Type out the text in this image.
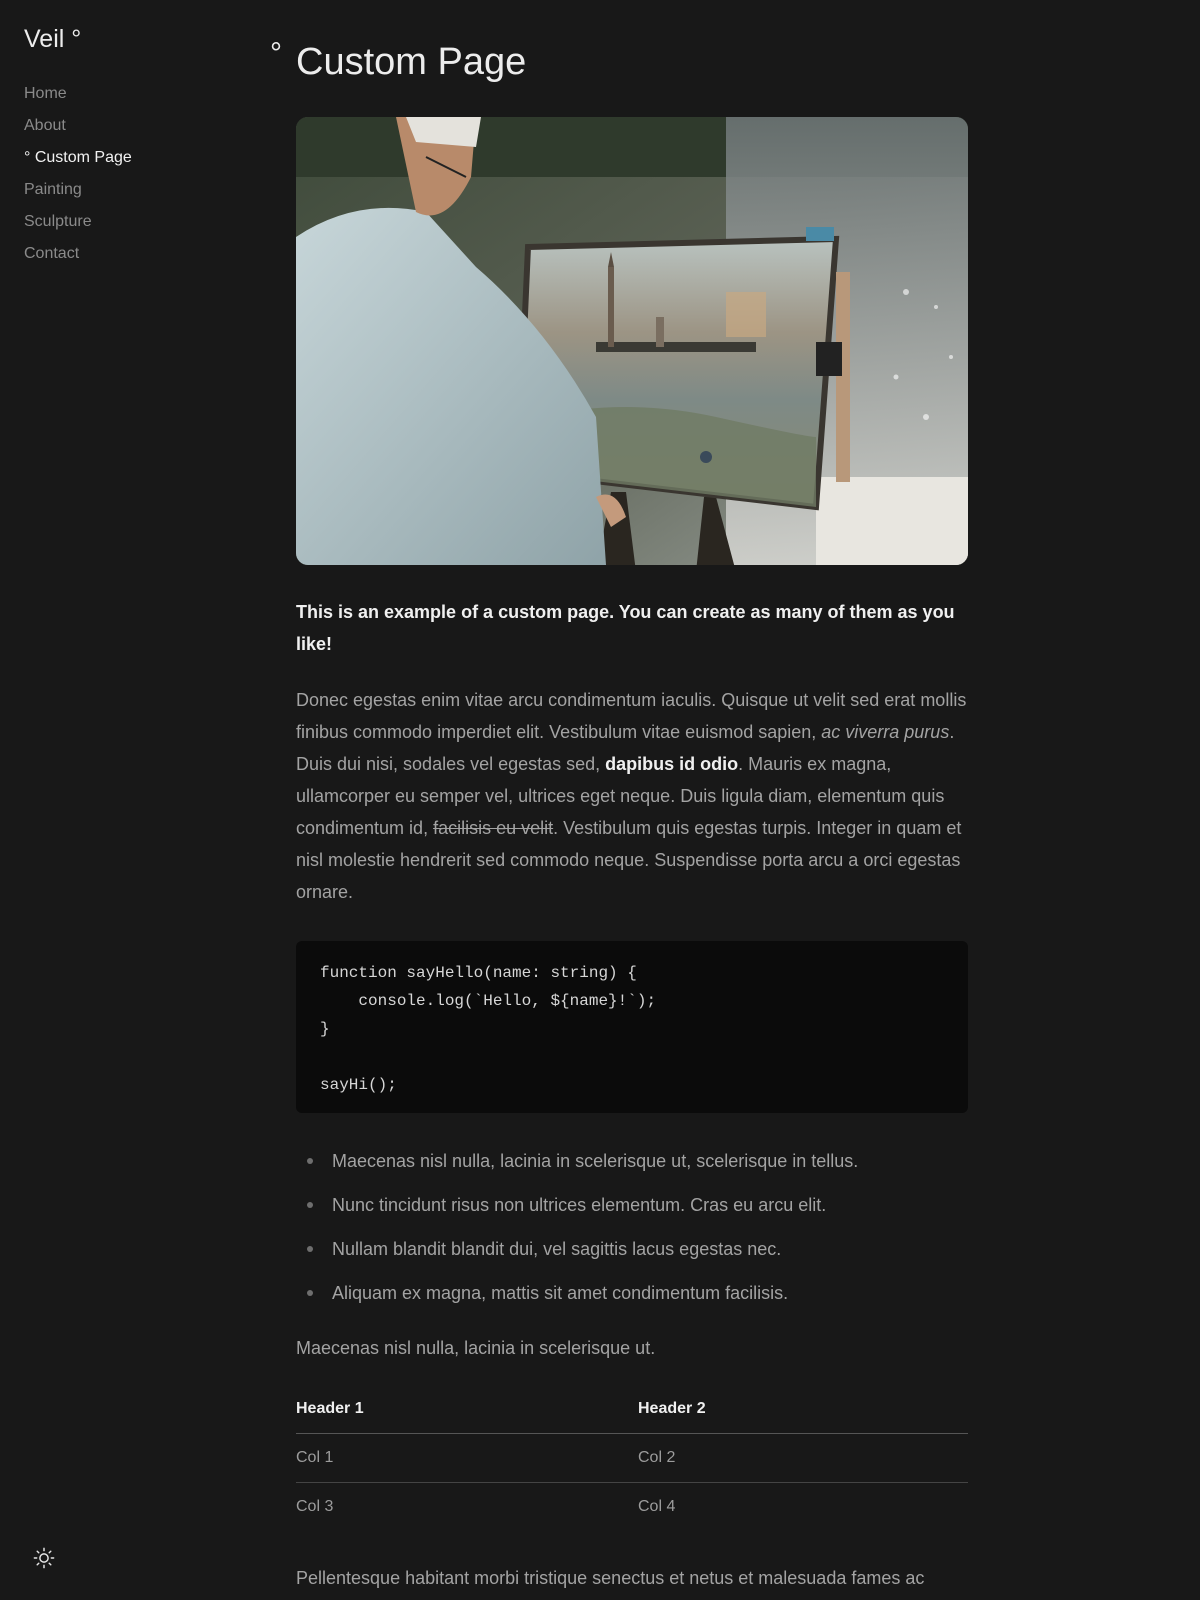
Veil °
Home
About
° Custom Page
Painting
Sculpture
Contact
° Custom Page

This is an example of a custom page. You can create as many of them as you like!

Donec egestas enim vitae arcu condimentum iaculis. Quisque ut velit sed erat mollis finibus commodo imperdiet elit. Vestibulum vitae euismod sapien, ac viverra purus. Duis dui nisi, sodales vel egestas sed, dapibus id odio. Mauris ex magna, ullamcorper eu semper vel, ultrices eget neque. Duis ligula diam, elementum quis condimentum id, facilisis eu velit. Vestibulum quis egestas turpis. Integer in quam et nisl molestie hendrerit sed commodo neque. Suspendisse porta arcu a orci egestas ornare.

function sayHello(name: string) {
console.log(`Hello, ${name}!`);
}

sayHi();
Maecenas nisl nulla, lacinia in scelerisque ut, scelerisque in tellus.
Nunc tincidunt risus non ultrices elementum. Cras eu arcu elit.
Nullam blandit blandit dui, vel sagittis lacus egestas nec.
Aliquam ex magna, mattis sit amet condimentum facilisis.

Maecenas nisl nulla, lacinia in scelerisque ut.

Header 1	Header 2
Col 1	Col 2
Col 3	Col 4

Pellentesque habitant morbi tristique senectus et netus et malesuada fames ac
